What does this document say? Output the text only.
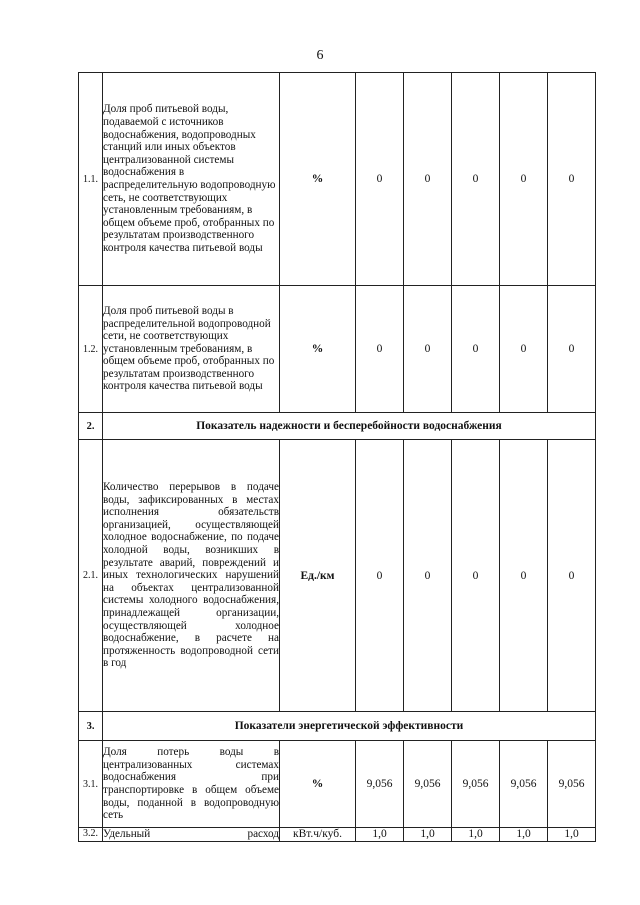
6
1.1.	Доля проб питьевой воды, подаваемой с источников водоснабжения, водопроводных станций или иных объектов централизованной системы водоснабжения в распределительную водопроводную сеть, не соответствующих установленным требованиям, в общем объеме проб, отобранных по результатам производственного контроля качества питьевой воды	%	0	0	0	0	0
1.2.	Доля проб питьевой воды в распределительной водопроводной сети, не соответствующих установленным требованиям, в общем объеме проб, отобранных по результатам производственного контроля качества питьевой воды	%	0	0	0	0	0
2.	Показатель надежности и бесперебойности водоснабжения						
2.1.	Количество перерывов в подаче воды, зафиксированных в местах исполнения обязательств организацией, осуществляющей холодное водоснабжение, по подаче холодной воды, возникших в результате аварий, повреждений и иных технологических нарушений на объектах централизованной системы холодного водоснабжения, принадлежащей организации, осуществляющей холодное водоснабжение, в расчете на протяженность водопроводной сети в год	Ед./км	0	0	0	0	0
3.	Показатели энергетической эффективности						
3.1.	Доля потерь воды в централизованных системах водоснабжения при транспортировке в общем объеме воды, поданной в водопроводную сеть	%	9,056	9,056	9,056	9,056	9,056
3.2.	Удельный расход	кВт.ч/куб.	1,0	1,0	1,0	1,0	1,0
